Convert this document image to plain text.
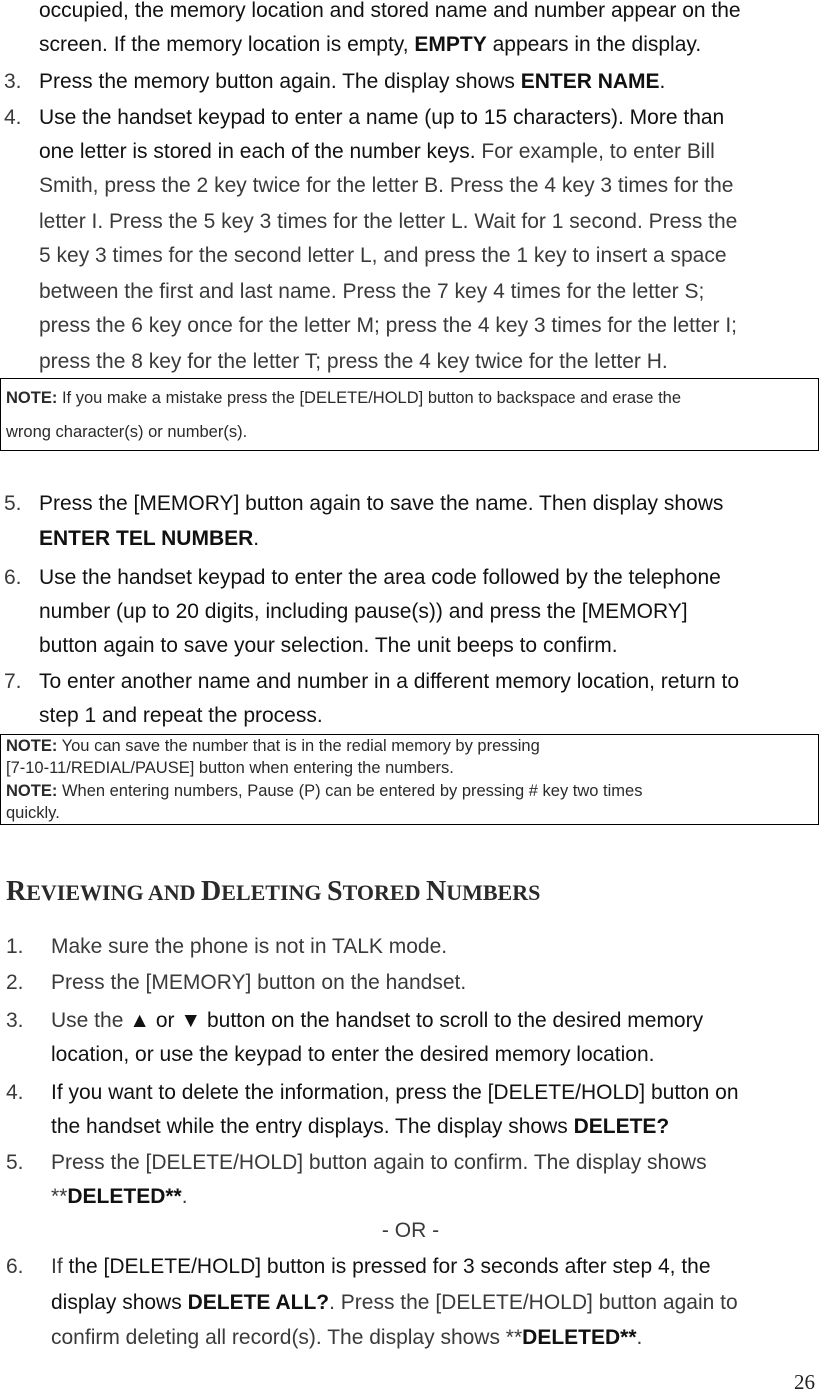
occupied, the memory location and stored name and number appear on the
screen. If the memory location is empty, EMPTY appears in the display.
3. Press the memory button again. The display shows ENTER NAME.
4. Use the handset keypad to enter a name (up to 15 characters). More than
one letter is stored in each of the number keys. For example, to enter Bill
Smith, press the 2 key twice for the letter B. Press the 4 key 3 times for the
letter I. Press the 5 key 3 times for the letter L. Wait for 1 second. Press the
5 key 3 times for the second letter L, and press the 1 key to insert a space
between the first and last name. Press the 7 key 4 times for the letter S;
press the 6 key once for the letter M; press the 4 key 3 times for the letter I;
press the 8 key for the letter T; press the 4 key twice for the letter H.
NOTE: If you make a mistake press the [DELETE/HOLD] button to backspace and erase the
wrong character(s) or number(s).
5. Press the [MEMORY] button again to save the name. Then display shows
ENTER TEL NUMBER.
6. Use the handset keypad to enter the area code followed by the telephone
number (up to 20 digits, including pause(s)) and press the [MEMORY]
button again to save your selection. The unit beeps to confirm.
7. To enter another name and number in a different memory location, return to
step 1 and repeat the process.
NOTE: You can save the number that is in the redial memory by pressing
[7-10-11/REDIAL/PAUSE] button when entering the numbers.
NOTE: When entering numbers, Pause (P) can be entered by pressing # key two times
quickly.
REVIEWING AND DELETING STORED NUMBERS
1. Make sure the phone is not in TALK mode.
2. Press the [MEMORY] button on the handset.
3. Use the ▲ or ▼ button on the handset to scroll to the desired memory
location, or use the keypad to enter the desired memory location.
4. If you want to delete the information, press the [DELETE/HOLD] button on
the handset while the entry displays. The display shows DELETE?
5. Press the [DELETE/HOLD] button again to confirm. The display shows
**DELETED**.
- OR -
6. If the [DELETE/HOLD] button is pressed for 3 seconds after step 4, the
display shows DELETE ALL?. Press the [DELETE/HOLD] button again to
confirm deleting all record(s). The display shows **DELETED**.
26
